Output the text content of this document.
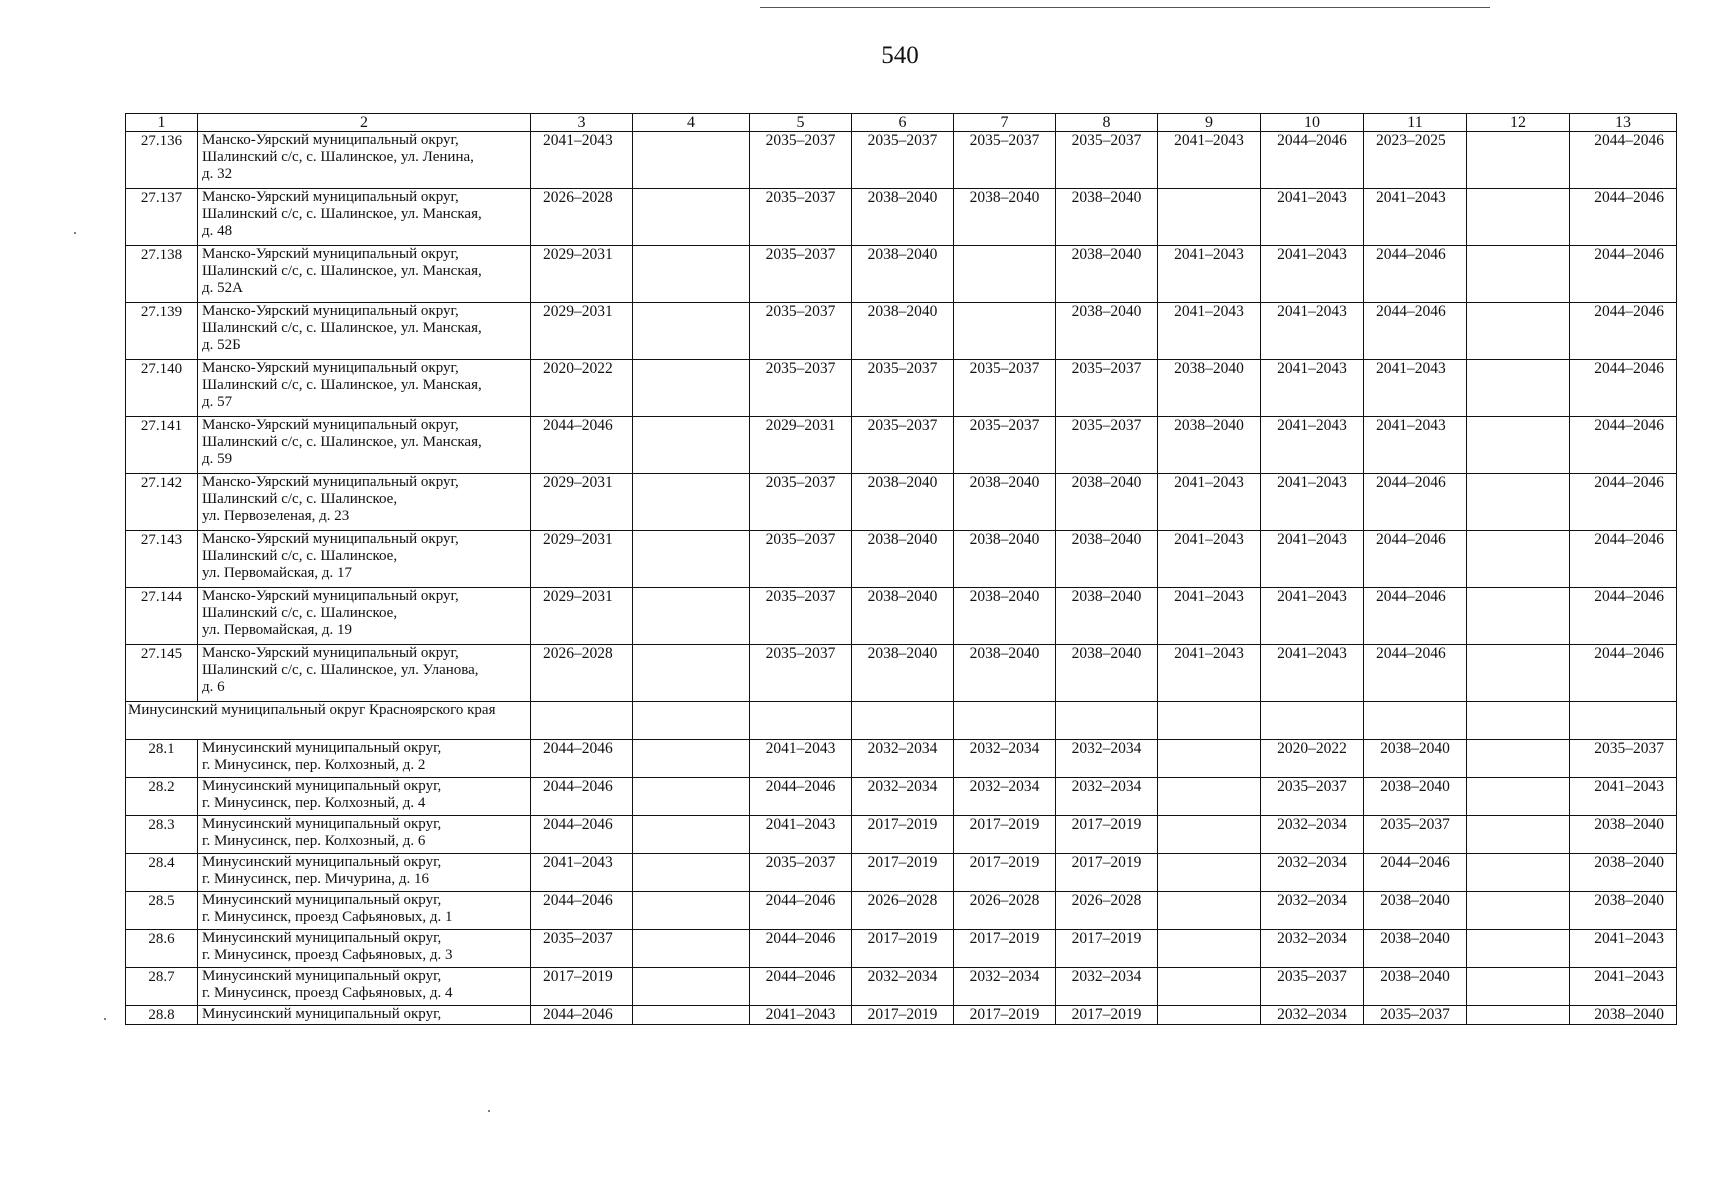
540
1	2	3	4	5	6	7	8	9	10	11	12	13
27.136	Манско-Уярский муниципальный округ,
Шалинский с/с, с. Шалинское, ул. Ленина,
д. 32	2041–2043		2035–2037	2035–2037	2035–2037	2035–2037	2041–2043	2044–2046	2023–2025		2044–2046
27.137	Манско-Уярский муниципальный округ,
Шалинский с/с, с. Шалинское, ул. Манская,
д. 48	2026–2028		2035–2037	2038–2040	2038–2040	2038–2040		2041–2043	2041–2043		2044–2046
27.138	Манско-Уярский муниципальный округ,
Шалинский с/с, с. Шалинское, ул. Манская,
д. 52А	2029–2031		2035–2037	2038–2040		2038–2040	2041–2043	2041–2043	2044–2046		2044–2046
27.139	Манско-Уярский муниципальный округ,
Шалинский с/с, с. Шалинское, ул. Манская,
д. 52Б	2029–2031		2035–2037	2038–2040		2038–2040	2041–2043	2041–2043	2044–2046		2044–2046
27.140	Манско-Уярский муниципальный округ,
Шалинский с/с, с. Шалинское, ул. Манская,
д. 57	2020–2022		2035–2037	2035–2037	2035–2037	2035–2037	2038–2040	2041–2043	2041–2043		2044–2046
27.141	Манско-Уярский муниципальный округ,
Шалинский с/с, с. Шалинское, ул. Манская,
д. 59	2044–2046		2029–2031	2035–2037	2035–2037	2035–2037	2038–2040	2041–2043	2041–2043		2044–2046
27.142	Манско-Уярский муниципальный округ,
Шалинский с/с, с. Шалинское,
ул. Первозеленая, д. 23	2029–2031		2035–2037	2038–2040	2038–2040	2038–2040	2041–2043	2041–2043	2044–2046		2044–2046
27.143	Манско-Уярский муниципальный округ,
Шалинский с/с, с. Шалинское,
ул. Первомайская, д. 17	2029–2031		2035–2037	2038–2040	2038–2040	2038–2040	2041–2043	2041–2043	2044–2046		2044–2046
27.144	Манско-Уярский муниципальный округ,
Шалинский с/с, с. Шалинское,
ул. Первомайская, д. 19	2029–2031		2035–2037	2038–2040	2038–2040	2038–2040	2041–2043	2041–2043	2044–2046		2044–2046
27.145	Манско-Уярский муниципальный округ,
Шалинский с/с, с. Шалинское, ул. Уланова,
д. 6	2026–2028		2035–2037	2038–2040	2038–2040	2038–2040	2041–2043	2041–2043	2044–2046		2044–2046
Минусинский муниципальный округ Красноярского края												
28.1	Минусинский муниципальный округ,
г. Минусинск, пер. Колхозный, д. 2	2044–2046		2041–2043	2032–2034	2032–2034	2032–2034		2020–2022	2038–2040		2035–2037
28.2	Минусинский муниципальный округ,
г. Минусинск, пер. Колхозный, д. 4	2044–2046		2044–2046	2032–2034	2032–2034	2032–2034		2035–2037	2038–2040		2041–2043
28.3	Минусинский муниципальный округ,
г. Минусинск, пер. Колхозный, д. 6	2044–2046		2041–2043	2017–2019	2017–2019	2017–2019		2032–2034	2035–2037		2038–2040
28.4	Минусинский муниципальный округ,
г. Минусинск, пер. Мичурина, д. 16	2041–2043		2035–2037	2017–2019	2017–2019	2017–2019		2032–2034	2044–2046		2038–2040
28.5	Минусинский муниципальный округ,
г. Минусинск, проезд Сафьяновых, д. 1	2044–2046		2044–2046	2026–2028	2026–2028	2026–2028		2032–2034	2038–2040		2038–2040
28.6	Минусинский муниципальный округ,
г. Минусинск, проезд Сафьяновых, д. 3	2035–2037		2044–2046	2017–2019	2017–2019	2017–2019		2032–2034	2038–2040		2041–2043
28.7	Минусинский муниципальный округ,
г. Минусинск, проезд Сафьяновых, д. 4	2017–2019		2044–2046	2032–2034	2032–2034	2032–2034		2035–2037	2038–2040		2041–2043
28.8	Минусинский муниципальный округ,	2044–2046		2041–2043	2017–2019	2017–2019	2017–2019		2032–2034	2035–2037		2038–2040
